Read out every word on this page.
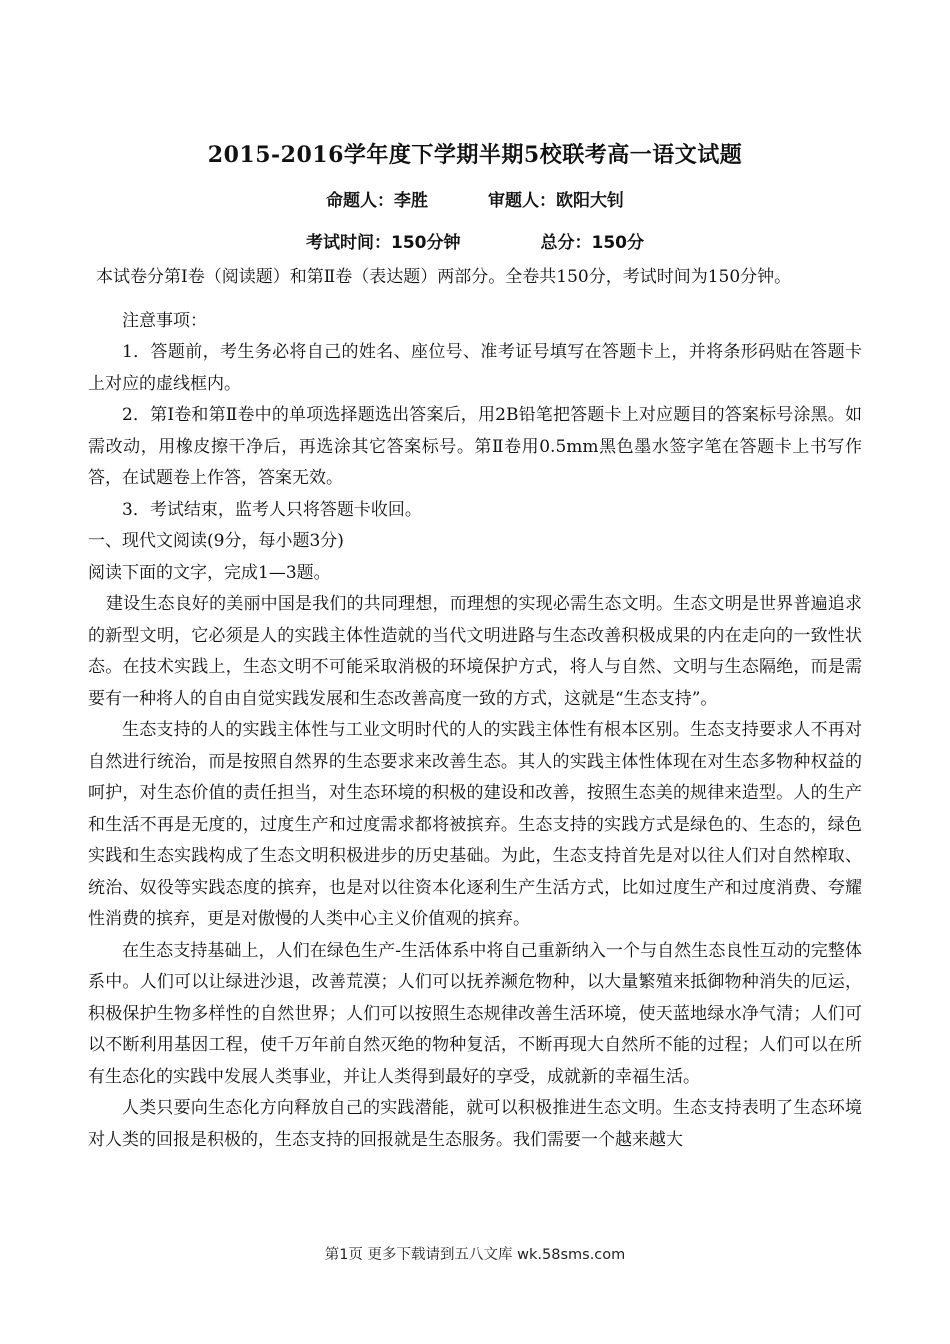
2015-2016学年度下学期半期5校联考高一语文试题
命题人：李胜	审题人：欧阳大钊
考试时间：150分钟	总分：150分

本试卷分第Ⅰ卷（阅读题）和第Ⅱ卷（表达题）两部分。全卷共150分，考试时间为150分钟。

注意事项：

1．答题前，考生务必将自己的姓名、座位号、准考证号填写在答题卡上，并将条形码贴在答题卡上对应的虚线框内。

2．第Ⅰ卷和第Ⅱ卷中的单项选择题选出答案后，用2B铅笔把答题卡上对应题目的答案标号涂黑。如需改动，用橡皮擦干净后，再选涂其它答案标号。第Ⅱ卷用0.5mm黑色墨水签字笔在答题卡上书写作答，在试题卷上作答，答案无效。

3．考试结束，监考人只将答题卡收回。

一、现代文阅读(9分，每小题3分)

阅读下面的文字，完成1—3题。

建设生态良好的美丽中国是我们的共同理想，而理想的实现必需生态文明。生态文明是世界普遍追求的新型文明，它必须是人的实践主体性造就的当代文明进路与生态改善积极成果的内在走向的一致性状态。在技术实践上，生态文明不可能采取消极的环境保护方式，将人与自然、文明与生态隔绝，而是需要有一种将人的自由自觉实践发展和生态改善高度一致的方式，这就是“生态支持”。

生态支持的人的实践主体性与工业文明时代的人的实践主体性有根本区别。生态支持要求人不再对自然进行统治，而是按照自然界的生态要求来改善生态。其人的实践主体性体现在对生态多物种权益的呵护，对生态价值的责任担当，对生态环境的积极的建设和改善，按照生态美的规律来造型。人的生产和生活不再是无度的，过度生产和过度需求都将被摈弃。生态支持的实践方式是绿色的、生态的，绿色实践和生态实践构成了生态文明积极进步的历史基础。为此，生态支持首先是对以往人们对自然榨取、统治、奴役等实践态度的摈弃，也是对以往资本化逐利生产生活方式，比如过度生产和过度消费、夸耀性消费的摈弃，更是对傲慢的人类中心主义价值观的摈弃。

在生态支持基础上，人们在绿色生产-生活体系中将自己重新纳入一个与自然生态良性互动的完整体系中。人们可以让绿进沙退，改善荒漠；人们可以抚养濒危物种，以大量繁殖来抵御物种消失的厄运，积极保护生物多样性的自然世界；人们可以按照生态规律改善生活环境，使天蓝地绿水净气清；人们可以不断利用基因工程，使千万年前自然灭绝的物种复活，不断再现大自然所不能的过程；人们可以在所有生态化的实践中发展人类事业，并让人类得到最好的享受，成就新的幸福生活。

人类只要向生态化方向释放自己的实践潜能，就可以积极推进生态文明。生态支持表明了生态环境对人类的回报是积极的，生态支持的回报就是生态服务。我们需要一个越来越大

第1页 更多下载请到五八文库 wk.58sms.com
